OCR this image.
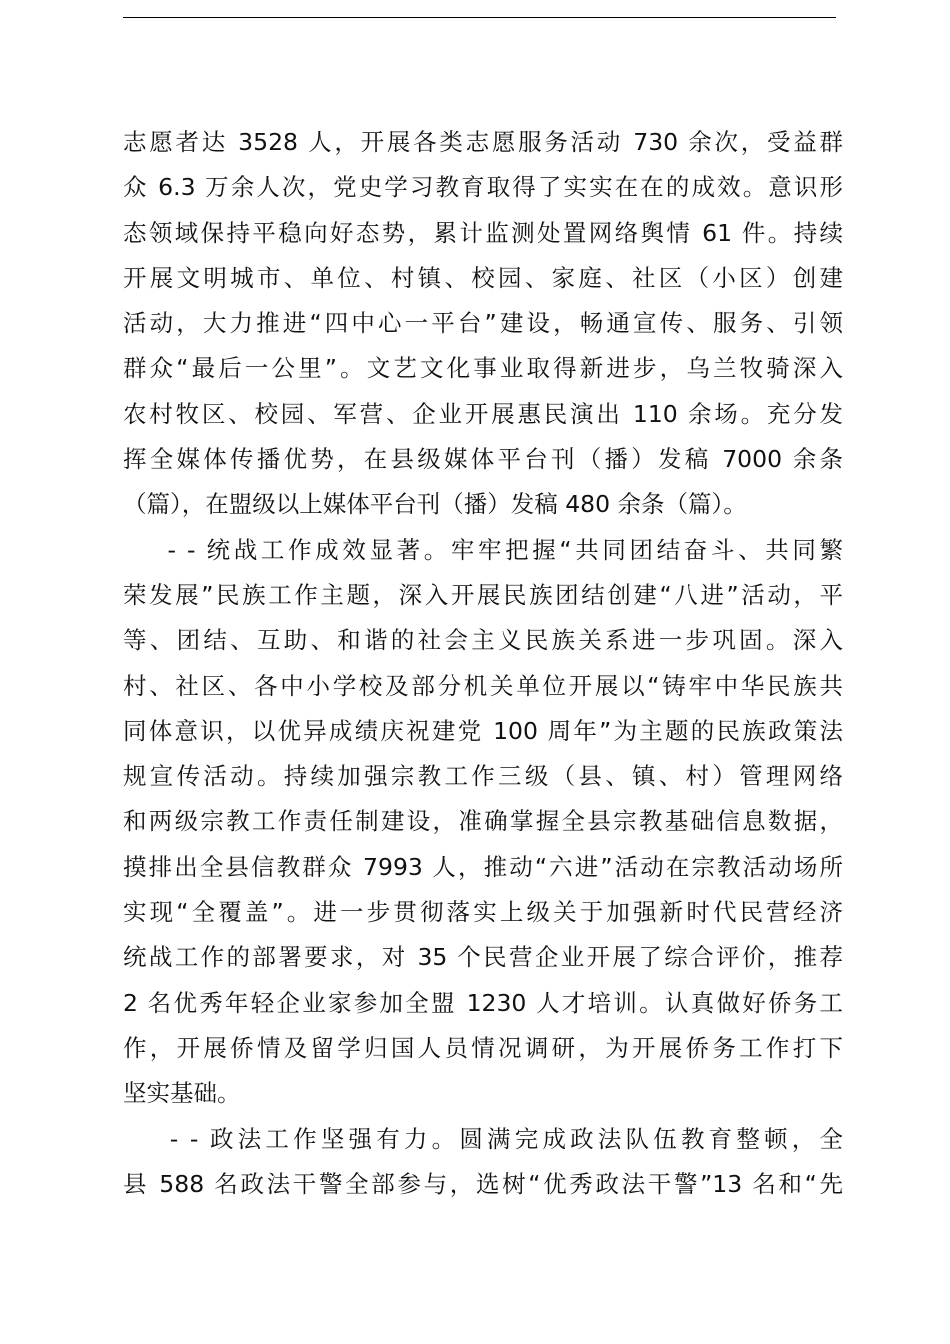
志愿者达 3528 人，开展各类志愿服务活动 730 余次，受益群
众 6.3 万余人次，党史学习教育取得了实实在在的成效。意识形
态领域保持平稳向好态势，累计监测处置网络舆情 61 件。持续
开展文明城市、单位、村镇、校园、家庭、社区（小区）创建
活动，大力推进“四中心一平台”建设，畅通宣传、服务、引领
群众“最后一公里”。文艺文化事业取得新进步，乌兰牧骑深入
农村牧区、校园、军营、企业开展惠民演出 110 余场。充分发
挥全媒体传播优势，在县级媒体平台刊（播）发稿 7000 余条
（篇），在盟级以上媒体平台刊（播）发稿 480 余条（篇）。
- - 统战工作成效显著。牢牢把握“共同团结奋斗、共同繁
荣发展”民族工作主题，深入开展民族团结创建“八进”活动，平
等、团结、互助、和谐的社会主义民族关系进一步巩固。深入
村、社区、各中小学校及部分机关单位开展以“铸牢中华民族共
同体意识，以优异成绩庆祝建党 100 周年”为主题的民族政策法
规宣传活动。持续加强宗教工作三级（县、镇、村）管理网络
和两级宗教工作责任制建设，准确掌握全县宗教基础信息数据，
摸排出全县信教群众 7993 人，推动“六进”活动在宗教活动场所
实现“全覆盖”。进一步贯彻落实上级关于加强新时代民营经济
统战工作的部署要求，对 35 个民营企业开展了综合评价，推荐
2 名优秀年轻企业家参加全盟 1230 人才培训。认真做好侨务工
作，开展侨情及留学归国人员情况调研，为开展侨务工作打下
坚实基础。
- - 政法工作坚强有力。圆满完成政法队伍教育整顿，全
县 588 名政法干警全部参与，选树“优秀政法干警”13 名和“先
